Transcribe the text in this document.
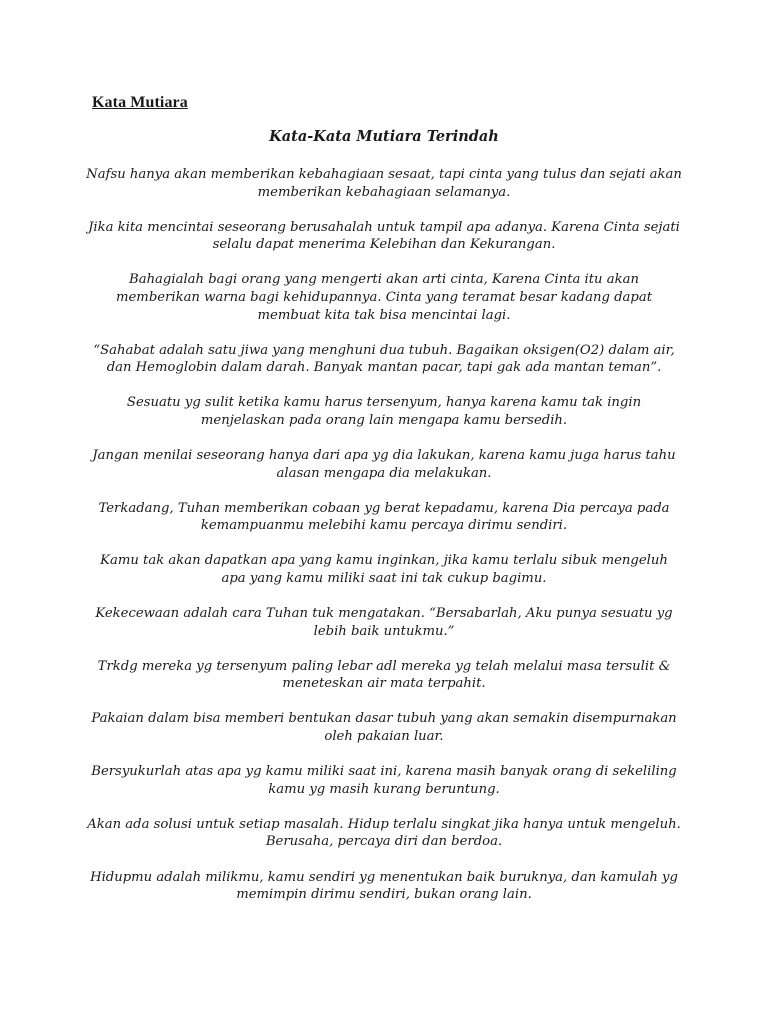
Kata Mutiara
Kata-Kata Mutiara Terindah
Nafsu hanya akan memberikan kebahagiaan sesaat, tapi cinta yang tulus dan sejati akan memberikan kebahagiaan selamanya.
Jika kita mencintai seseorang berusahalah untuk tampil apa adanya. Karena Cinta sejati selalu dapat menerima Kelebihan dan Kekurangan.
Bahagialah bagi orang yang mengerti akan arti cinta, Karena Cinta itu akan memberikan warna bagi kehidupannya. Cinta yang teramat besar kadang dapat membuat kita tak bisa mencintai lagi.
“Sahabat adalah satu jiwa yang menghuni dua tubuh. Bagaikan oksigen(O2) dalam air, dan Hemoglobin dalam darah. Banyak mantan pacar, tapi gak ada mantan teman”.
Sesuatu yg sulit ketika kamu harus tersenyum, hanya karena kamu tak ingin menjelaskan pada orang lain mengapa kamu bersedih.
Jangan menilai seseorang hanya dari apa yg dia lakukan, karena kamu juga harus tahu alasan mengapa dia melakukan.
Terkadang, Tuhan memberikan cobaan yg berat kepadamu, karena Dia percaya pada kemampuanmu melebihi kamu percaya dirimu sendiri.
Kamu tak akan dapatkan apa yang kamu inginkan, jika kamu terlalu sibuk mengeluh apa yang kamu miliki saat ini tak cukup bagimu.
Kekecewaan adalah cara Tuhan tuk mengatakan. “Bersabarlah, Aku punya sesuatu yg lebih baik untukmu.”
Trkdg mereka yg tersenyum paling lebar adl mereka yg telah melalui masa tersulit & meneteskan air mata terpahit.
Pakaian dalam bisa memberi bentukan dasar tubuh yang akan semakin disempurnakan oleh pakaian luar.
Bersyukurlah atas apa yg kamu miliki saat ini, karena masih banyak orang di sekeliling kamu yg masih kurang beruntung.
Akan ada solusi untuk setiap masalah. Hidup terlalu singkat jika hanya untuk mengeluh. Berusaha, percaya diri dan berdoa.
Hidupmu adalah milikmu, kamu sendiri yg menentukan baik buruknya, dan kamulah yg memimpin dirimu sendiri, bukan orang lain.
